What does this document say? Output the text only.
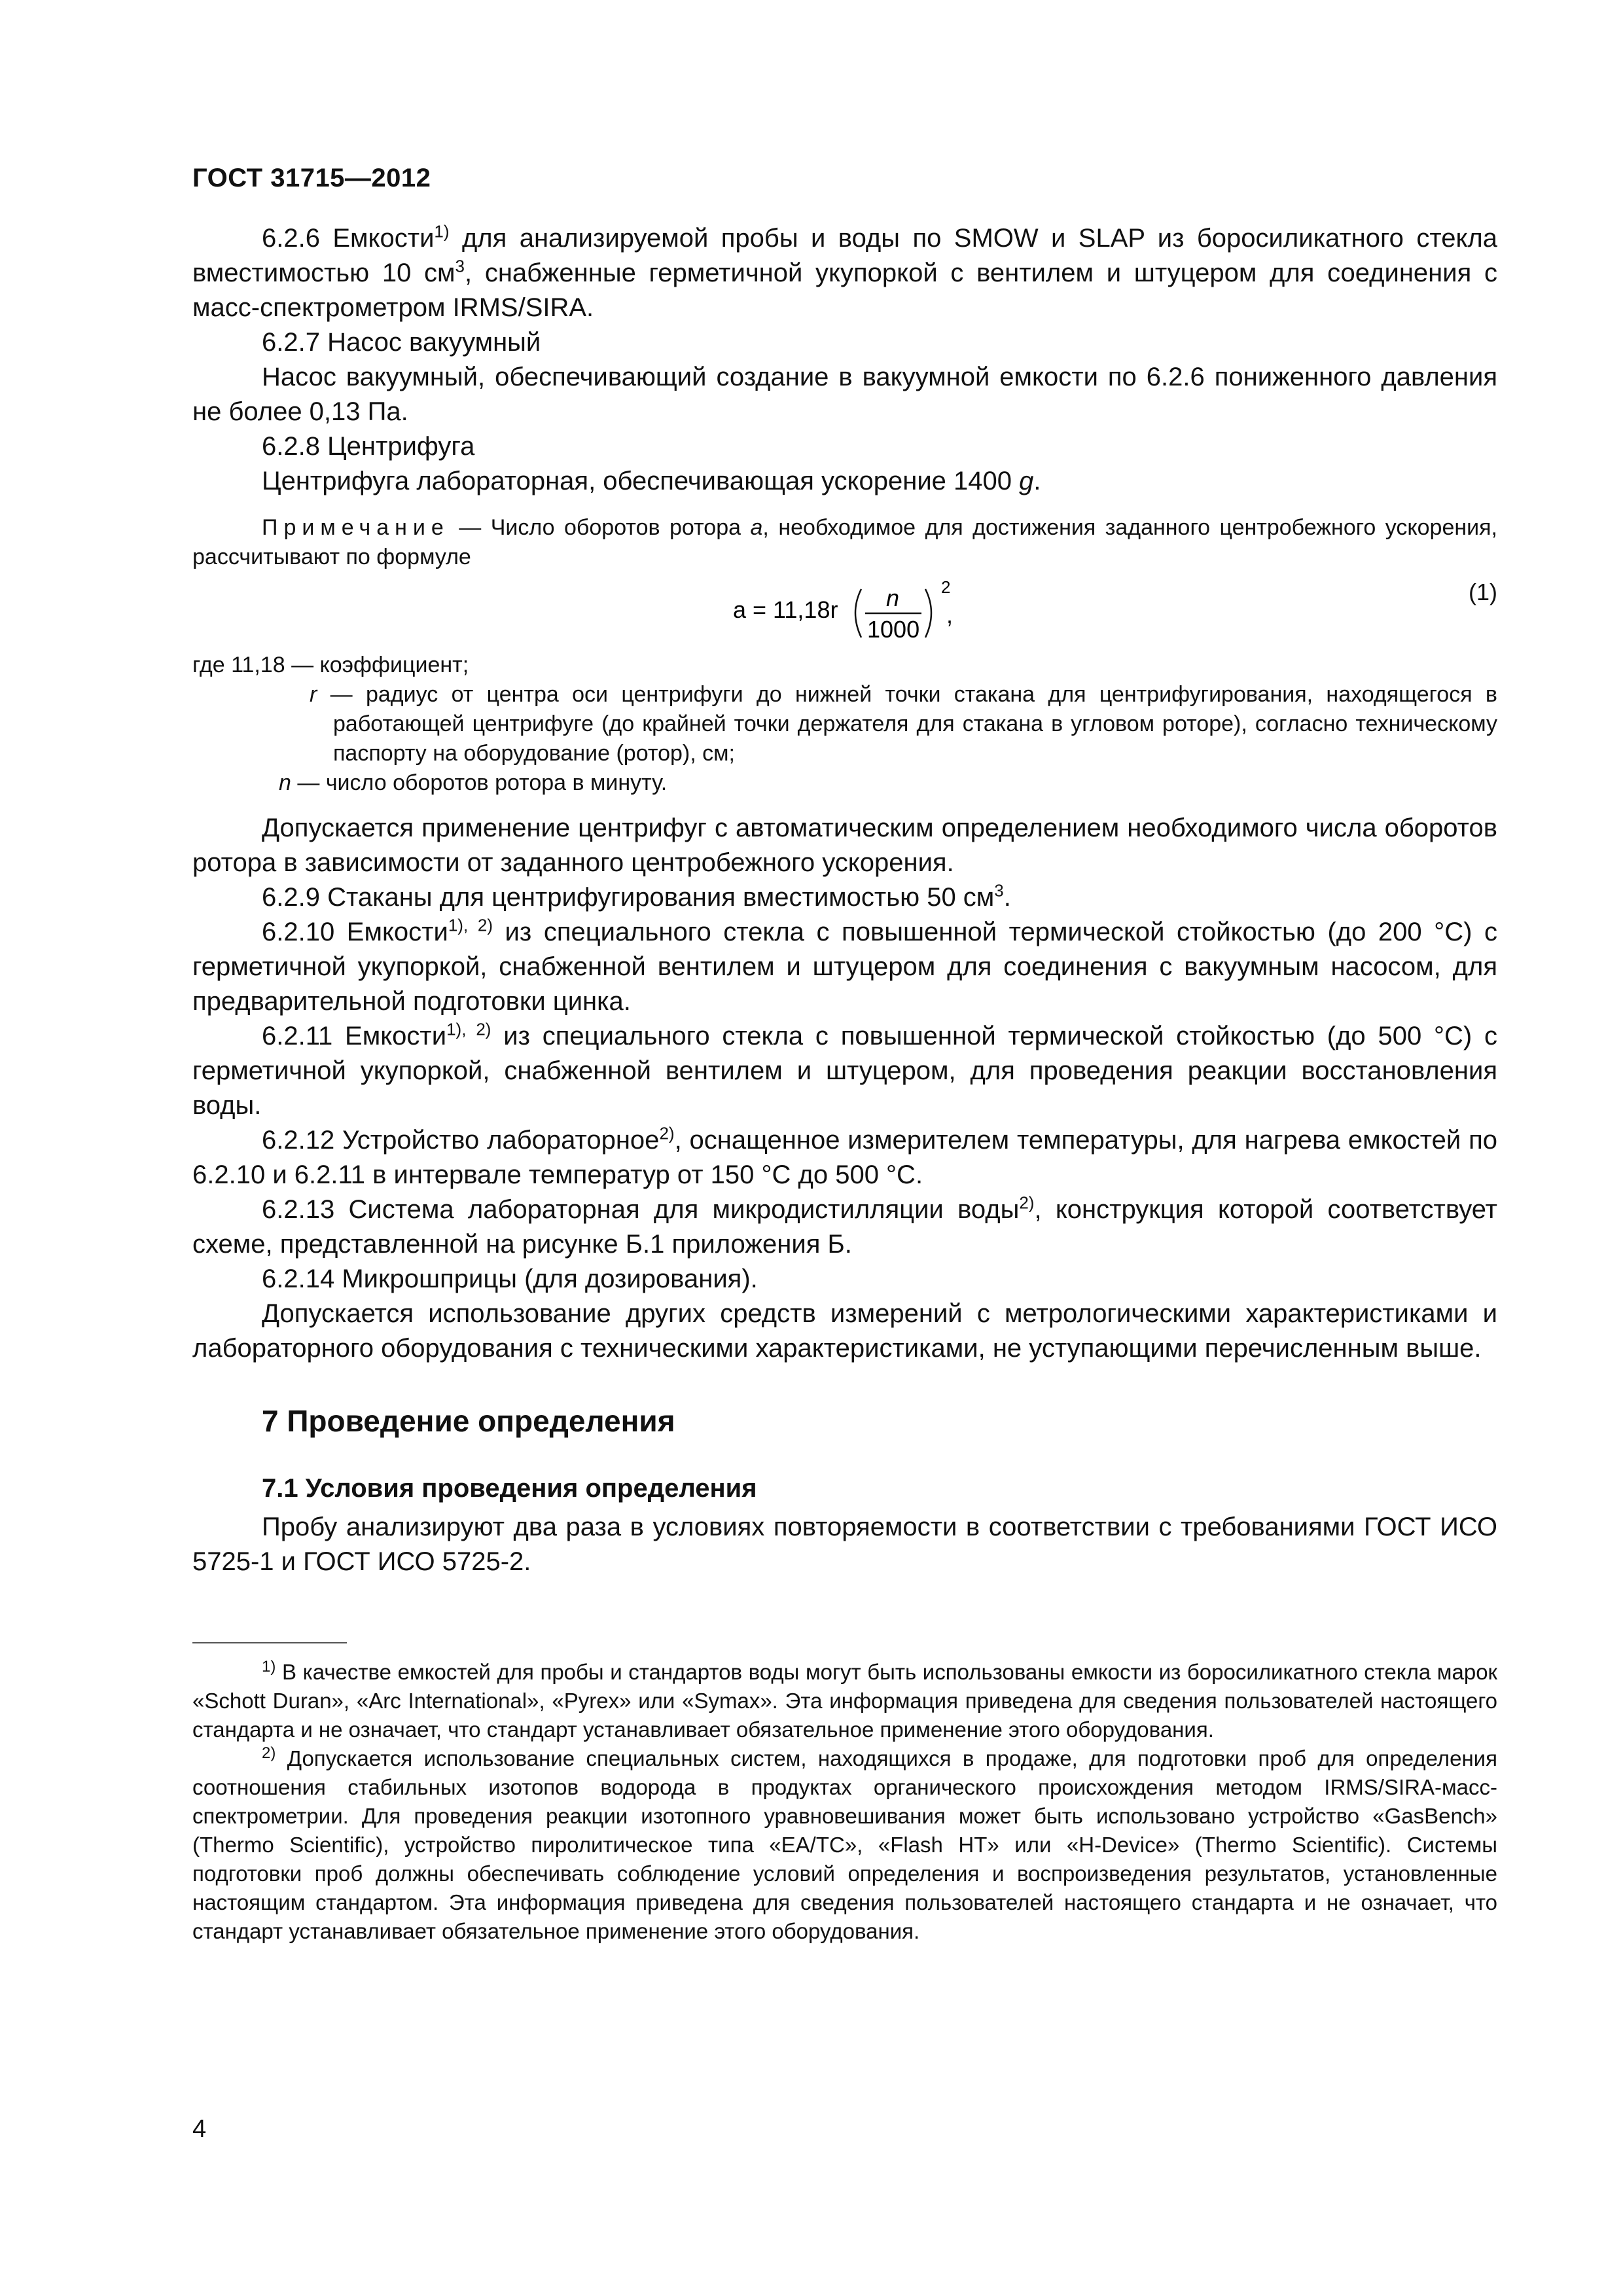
ГОСТ 31715—2012

6.2.6 Емкости$^{1)}$ для анализируемой пробы и воды по SMOW и SLAP из боросиликатного стекла вместимостью 10 $см^3$, снабженные герметичной укупоркой с вентилем и штуцером для соединения с масс-спектрометром IRMS/SIRA.

6.2.7 Насос вакуумный

Насос вакуумный, обеспечивающий создание в вакуумной емкости по 6.2.6 пониженного давления не более 0,13 Па.

6.2.8 Центрифуга

Центрифуга лабораторная, обеспечивающая ускорение 1400 g.

Примечание — Число оборотов ротора a, необходимое для достижения заданного центробежного ускорения, рассчитывают по формуле

a = 11,18r n
1000
2
,
(1)

где 11,18 — коэффициент;

r — радиус от центра оси центрифуги до нижней точки стакана для центрифугирования, находящегося в работающей центрифуге (до крайней точки держателя для стакана в угловом роторе), согласно техническому паспорту на оборудование (ротор), см;

n — число оборотов ротора в минуту.

Допускается применение центрифуг с автоматическим определением необходимого числа оборотов ротора в зависимости от заданного центробежного ускорения.

6.2.9 Стаканы для центрифугирования вместимостью 50 $см^3$.

6.2.10 Емкости$^{1), 2)}$ из специального стекла с повышенной термической стойкостью (до 200 °С) с герметичной укупоркой, снабженной вентилем и штуцером для соединения с вакуумным насосом, для предварительной подготовки цинка.

6.2.11 Емкости$^{1), 2)}$ из специального стекла с повышенной термической стойкостью (до 500 °С) с герметичной укупоркой, снабженной вентилем и штуцером, для проведения реакции восстановления воды.

6.2.12 Устройство лабораторное$^{2)}$, оснащенное измерителем температуры, для нагрева емкостей по 6.2.10 и 6.2.11 в интервале температур от 150 °С до 500 °С.

6.2.13 Система лабораторная для микродистилляции воды$^{2)}$, конструкция которой соответствует схеме, представленной на рисунке Б.1 приложения Б.

6.2.14 Микрошприцы (для дозирования).

Допускается использование других средств измерений с метрологическими характеристиками и лабораторного оборудования с техническими характеристиками, не уступающими перечисленным выше.

7 Проведение определения

7.1 Условия проведения определения

Пробу анализируют два раза в условиях повторяемости в соответствии с требованиями ГОСТ ИСО 5725-1 и ГОСТ ИСО 5725-2.

$^{1)}$ В качестве емкостей для пробы и стандартов воды могут быть использованы емкости из боросиликатного стекла марок «Schott Duran», «Arc International», «Pyrex» или «Symax». Эта информация приведена для сведения пользователей настоящего стандарта и не означает, что стандарт устанавливает обязательное применение этого оборудования.

$^{2)}$ Допускается использование специальных систем, находящихся в продаже, для подготовки проб для определения соотношения стабильных изотопов водорода в продуктах органического происхождения методом IRMS/SIRA-масс-спектрометрии. Для проведения реакции изотопного уравновешивания может быть использовано устройство «GasBench» (Thermo Scientific), устройство пиролитическое типа «EA/TC», «Flash HT» или «H-Device» (Thermo Scientific). Системы подготовки проб должны обеспечивать соблюдение условий определения и воспроизведения результатов, установленные настоящим стандартом. Эта информация приведена для сведения пользователей настоящего стандарта и не означает, что стандарт устанавливает обязательное применение этого оборудования.

4
